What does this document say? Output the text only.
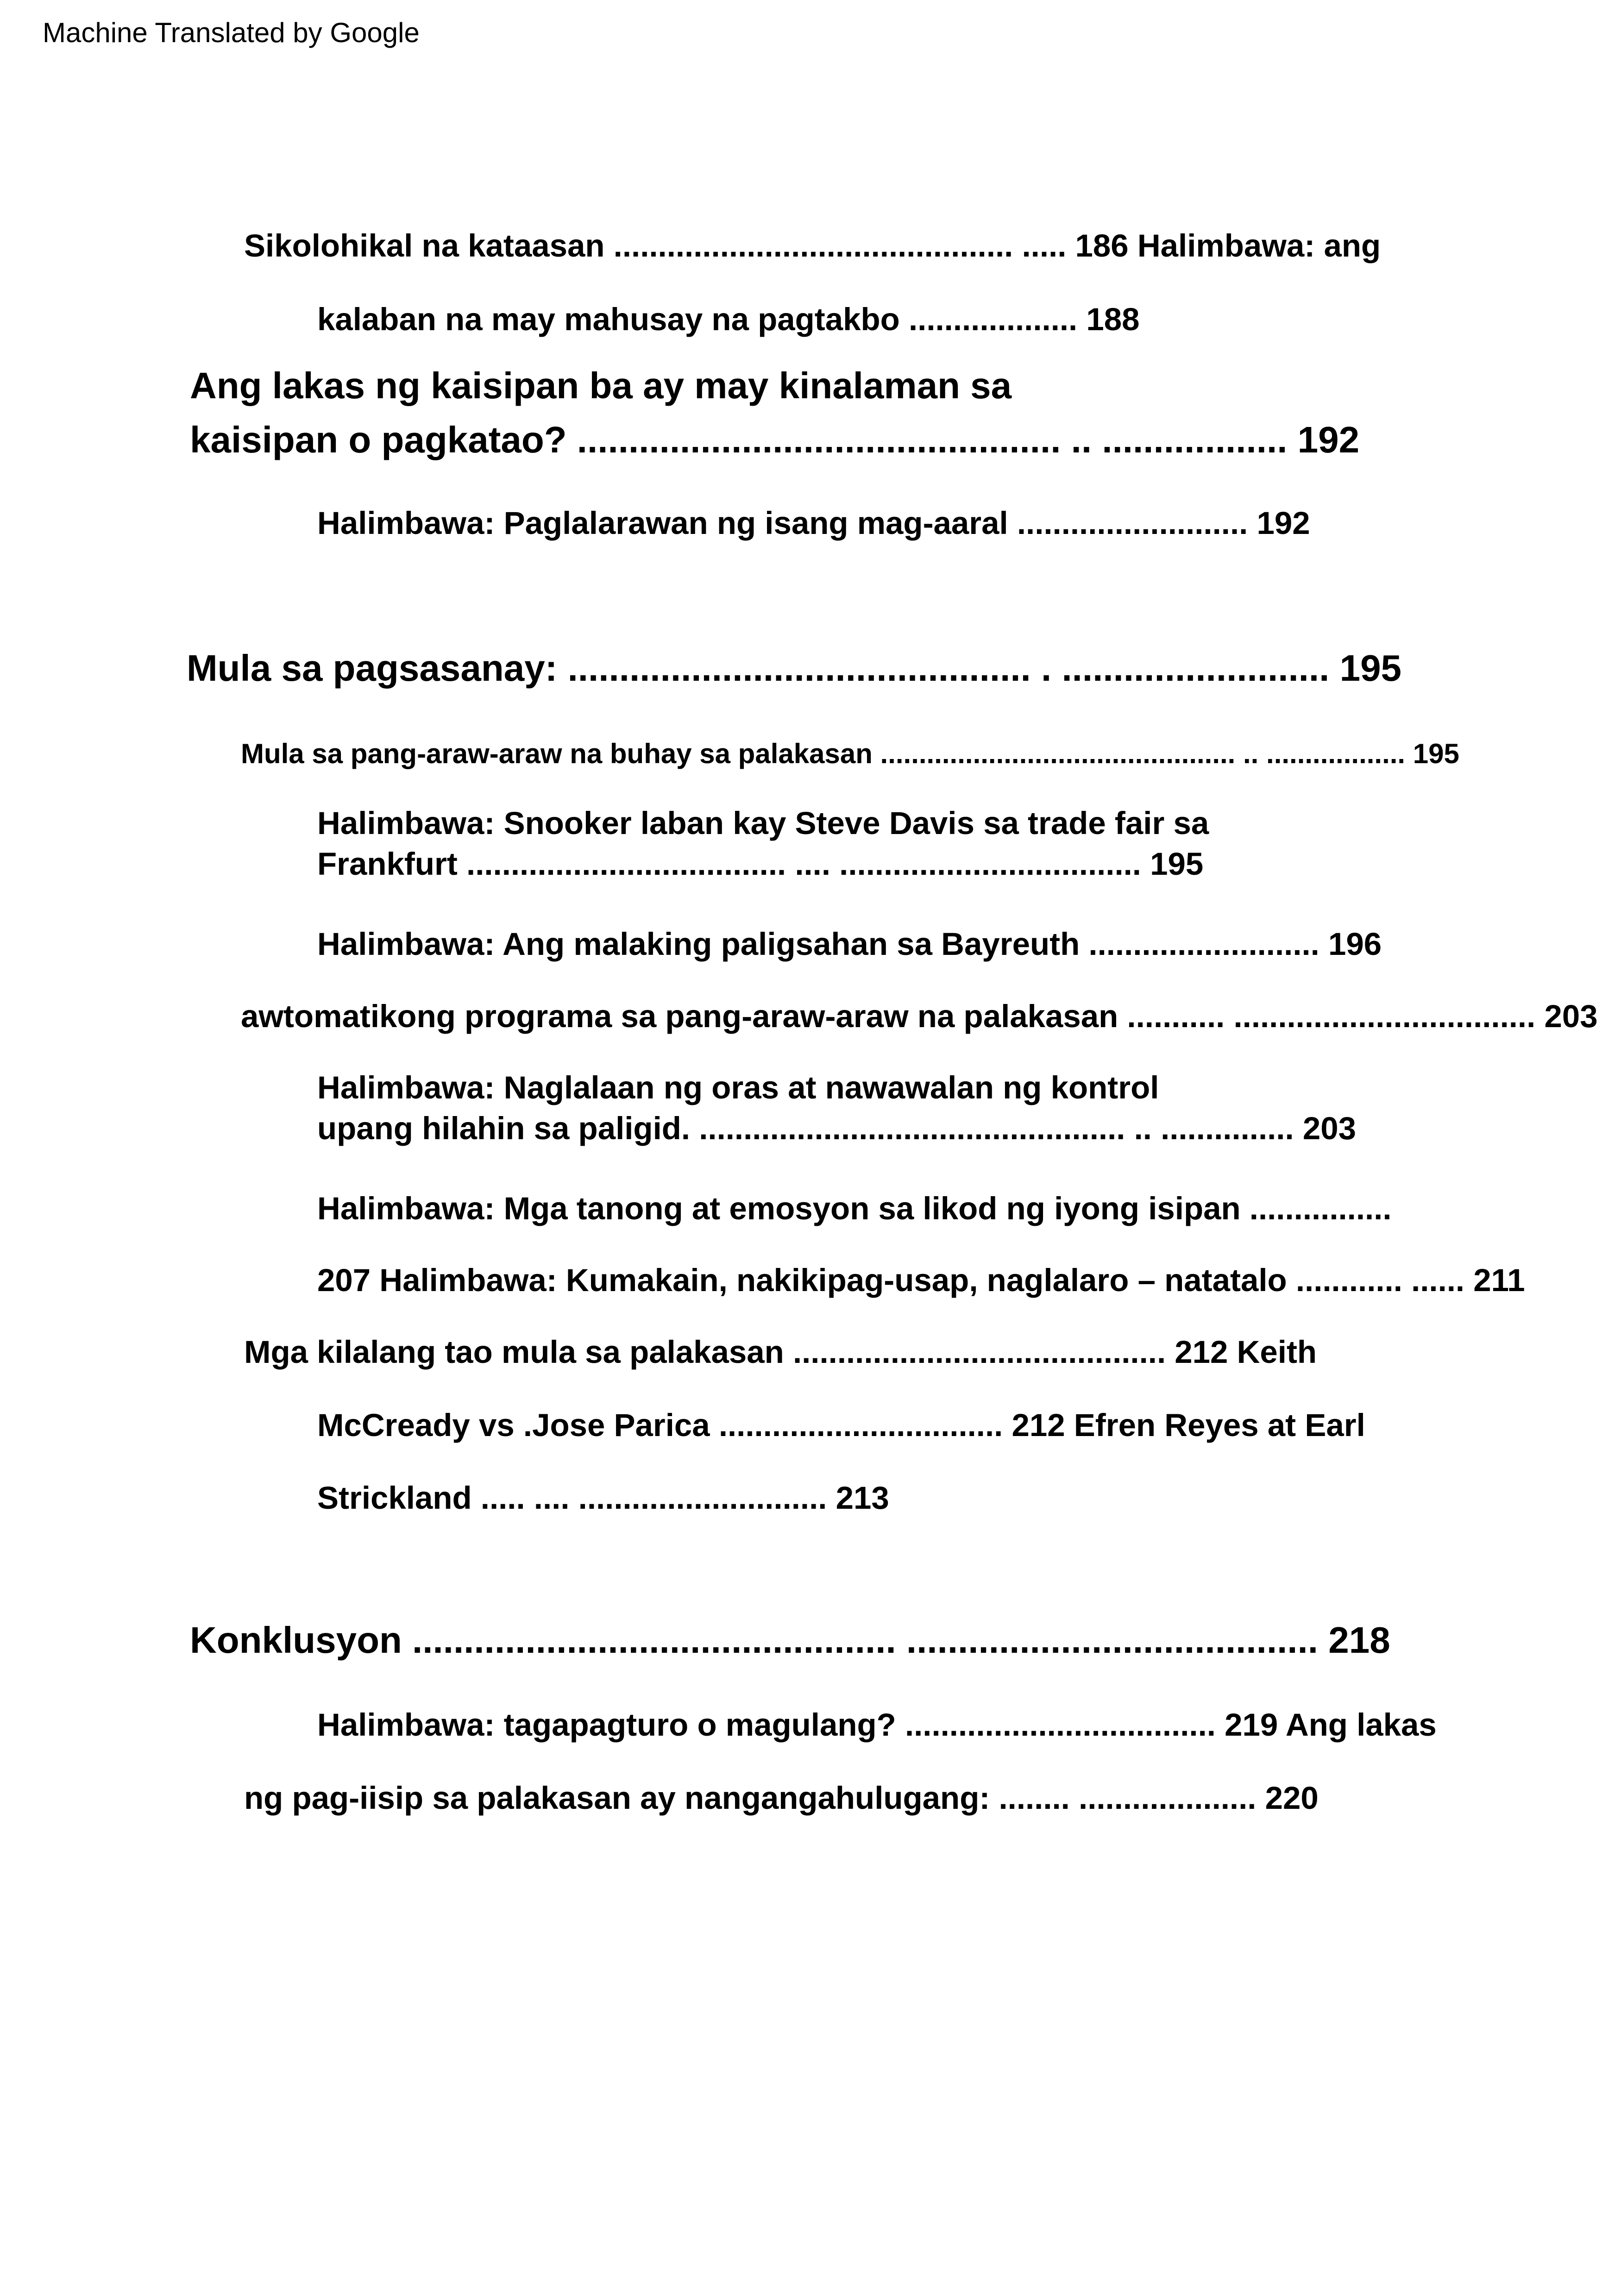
Machine Translated by Google
Sikolohikal na kataasan ............................................. ..... 186 Halimbawa: ang
kalaban na may mahusay na pagtakbo ................... 188
Ang lakas ng kaisipan ba ay may kinalaman sa
kaisipan o pagkatao? ............................................... .. .................. 192
Halimbawa: Paglalarawan ng isang mag-aaral .......................... 192
Mula sa pagsasanay: ............................................. . .......................... 195
Mula sa pang-araw-araw na buhay sa palakasan .............................................. .. .................. 195
Halimbawa: Snooker laban kay Steve Davis sa trade fair sa
Frankfurt .................................... .... .................................. 195
Halimbawa: Ang malaking paligsahan sa Bayreuth .......................... 196
awtomatikong programa sa pang-araw-araw na palakasan ........... .................................. 203
Halimbawa: Naglalaan ng oras at nawawalan ng kontrol
upang hilahin sa paligid. ................................................ .. ............... 203
Halimbawa: Mga tanong at emosyon sa likod ng iyong isipan ................
207 Halimbawa: Kumakain, nakikipag-usap, naglalaro – natatalo ............ ...... 211
Mga kilalang tao mula sa palakasan .......................................... 212 Keith
McCready vs .Jose Parica ................................ 212 Efren Reyes at Earl
Strickland ..... .... ............................ 213
Konklusyon ............................................... ........................................ 218
Halimbawa: tagapagturo o magulang? ................................... 219 Ang lakas
ng pag-iisip sa palakasan ay nangangahulugang: ........ .................... 220
